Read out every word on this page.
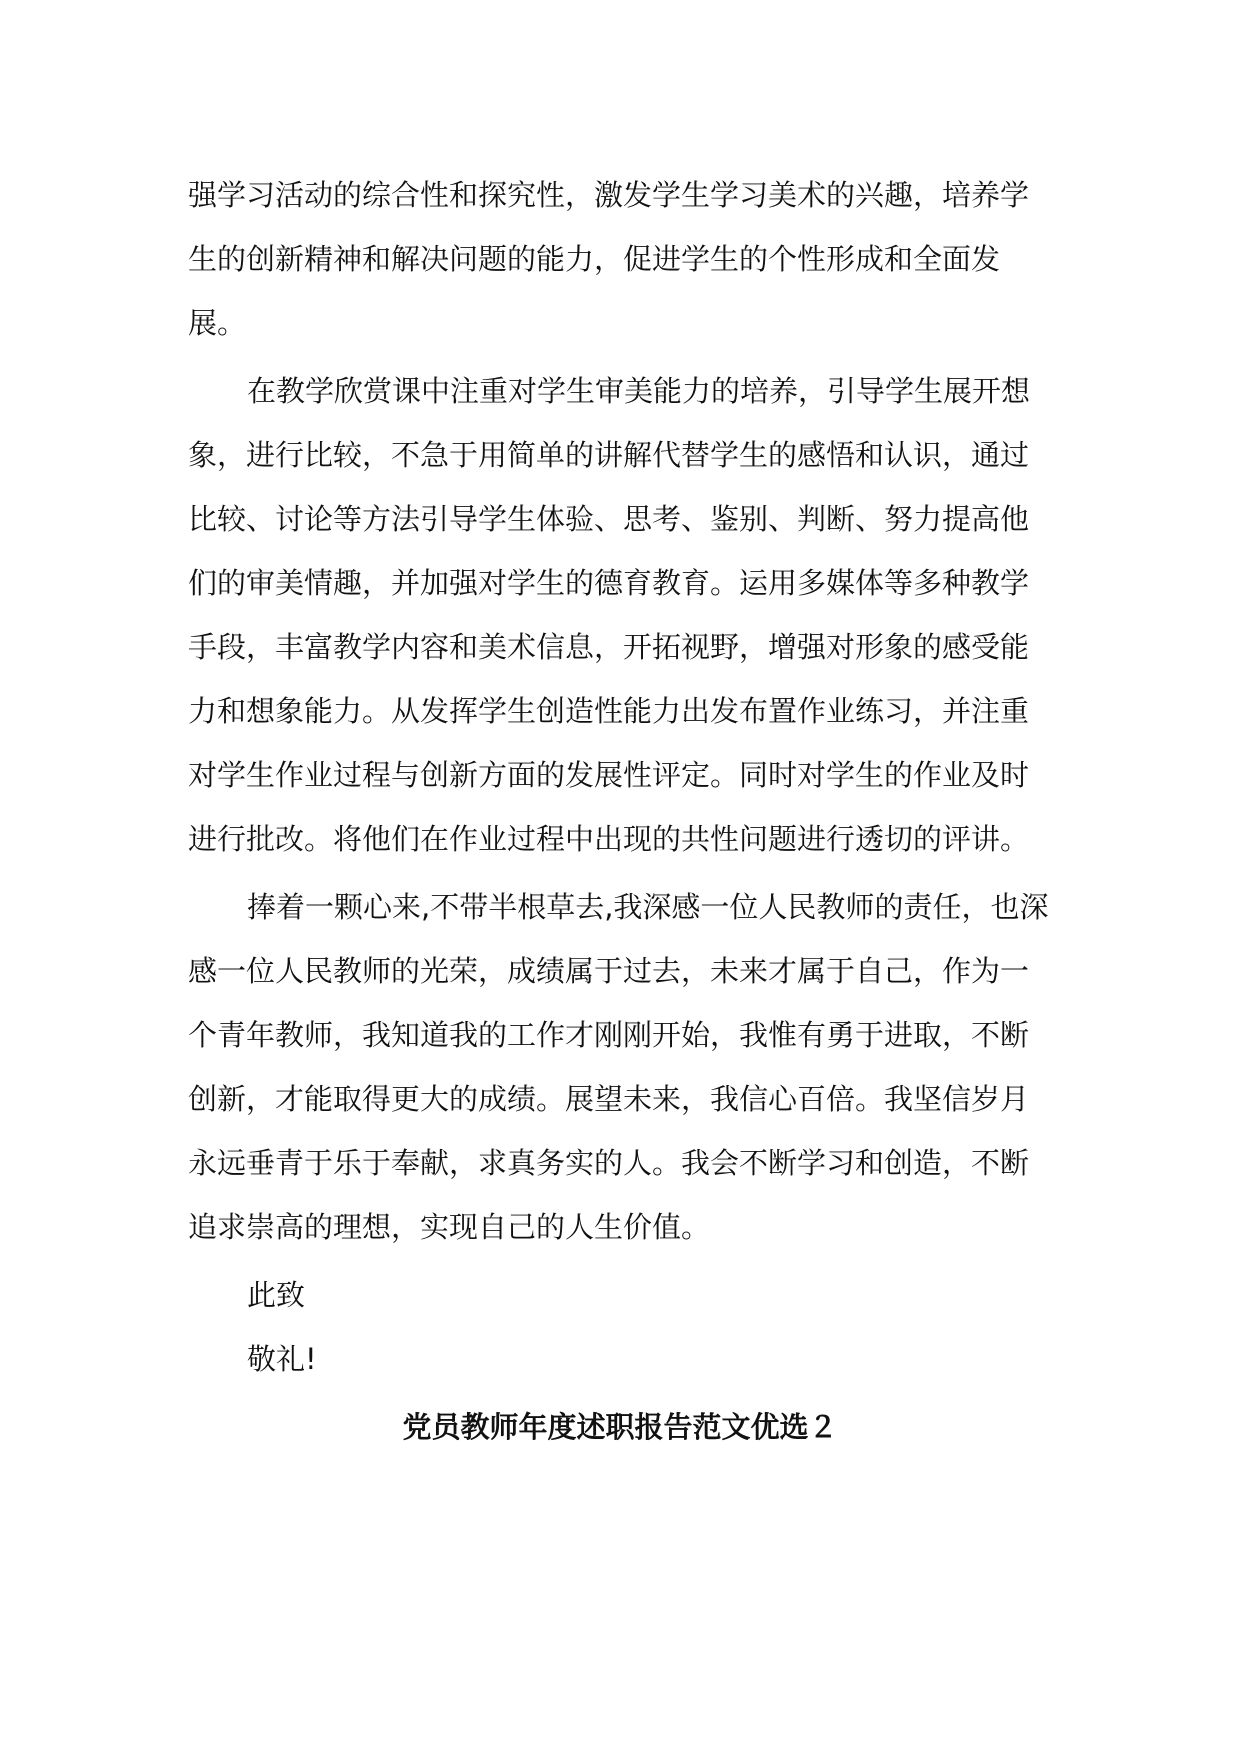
强学习活动的综合性和探究性，激发学生学习美术的兴趣，培养学
生的创新精神和解决问题的能力，促进学生的个性形成和全面发
展。
在教学欣赏课中注重对学生审美能力的培养，引导学生展开想
象，进行比较，不急于用简单的讲解代替学生的感悟和认识，通过
比较、讨论等方法引导学生体验、思考、鉴别、判断、努力提高他
们的审美情趣，并加强对学生的德育教育。运用多媒体等多种教学
手段，丰富教学内容和美术信息，开拓视野，增强对形象的感受能
力和想象能力。从发挥学生创造性能力出发布置作业练习，并注重
对学生作业过程与创新方面的发展性评定。同时对学生的作业及时
进行批改。将他们在作业过程中出现的共性问题进行透切的评讲。
捧着一颗心来,不带半根草去,我深感一位人民教师的责任，也深
感一位人民教师的光荣，成绩属于过去，未来才属于自己，作为一
个青年教师，我知道我的工作才刚刚开始，我惟有勇于进取，不断
创新，才能取得更大的成绩。展望未来，我信心百倍。我坚信岁月
永远垂青于乐于奉献，求真务实的人。我会不断学习和创造，不断
追求崇高的理想，实现自己的人生价值。
此致
敬礼!
党员教师年度述职报告范文优选２
